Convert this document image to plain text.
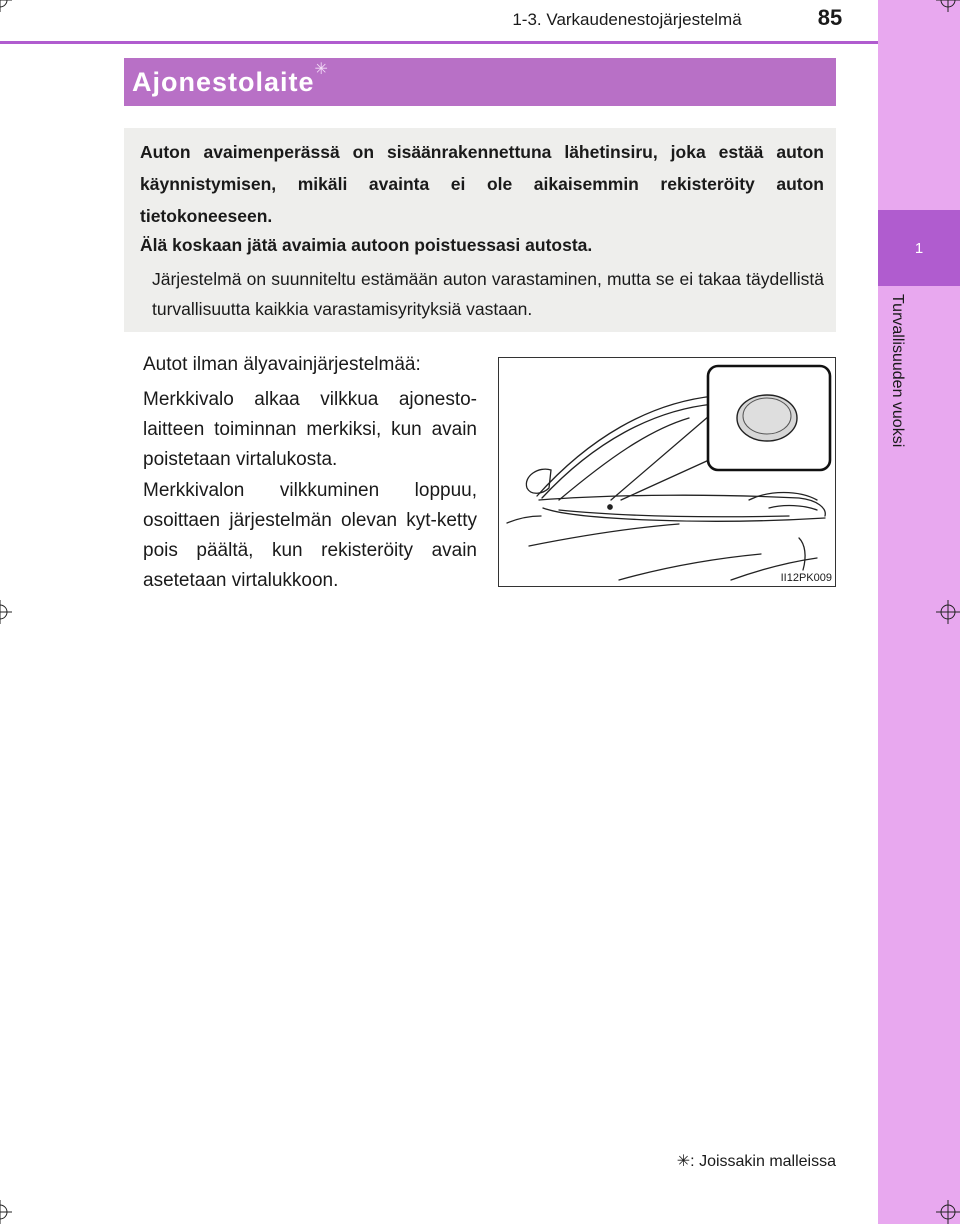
1
Turvallisuuden vuoksi
1-3. Varkaudenestojärjestelmä	85
Ajonestolaite✳
Auton avaimenperässä on sisäänrakennettuna lähetinsiru, joka estää auton käynnistymisen, mikäli avainta ei ole aikaisemmin rekisteröity auton tietokoneeseen.
Älä koskaan jätä avaimia autoon poistuessasi autosta.
Järjestelmä on suunniteltu estämään auton varastaminen, mutta se ei takaa täydellistä turvallisuutta kaikkia varastamisyrityksiä vastaan.

Autot ilman älyavainjärjestelmää:

Merkkivalo alkaa vilkkua ajonesto-laitteen toiminnan merkiksi, kun avain poistetaan virtalukosta.

Merkkivalon vilkkuminen loppuu, osoittaen järjestelmän olevan kyt-ketty pois päältä, kun rekisteröity avain asetetaan virtalukkoon.	II12PK009
✳: Joissakin malleissa
